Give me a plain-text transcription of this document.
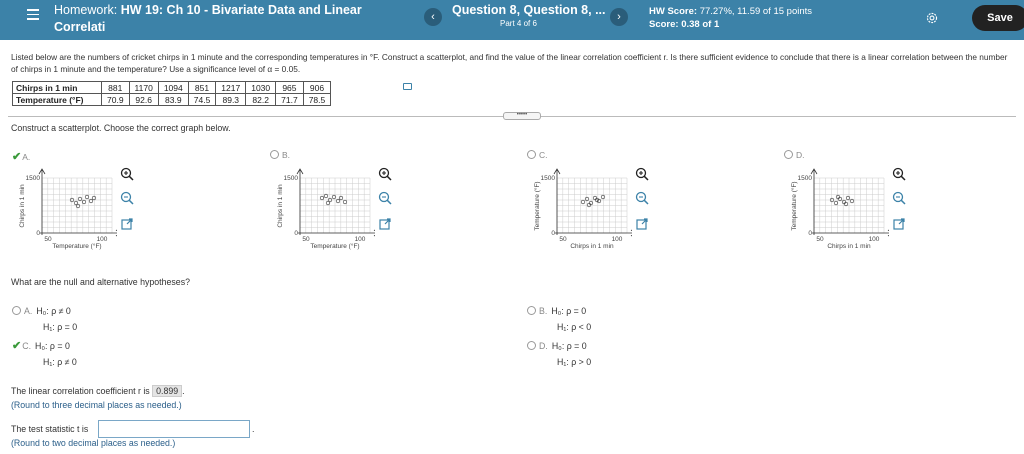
Homework: HW 19: Ch 10 - Bivariate Data and Linear Correlati
‹	Question 8, Question 8, ...
Part 4 of 6
›	HW Score: 77.27%, 11.59 of 15 points
Score: 0.38 of 1
Save
Listed below are the numbers of cricket chirps in 1 minute and the corresponding temperatures in °F. Construct a scatterplot, and find the value of the linear correlation coefficient r. Is there sufficient evidence to conclude that there is a linear correlation between the number of chirps in 1 minute and the temperature? Use a significance level of α = 0.05.
Chirps in 1 min	881	1170	1094	851	1217	1030	965	906
Temperature (°F)	70.9	92.6	83.9	74.5	89.3	82.2	71.7	78.5
•••••
Construct a scatterplot. Choose the correct graph below.
✔A.
1500
0
50	100
Temperature (°F)
Chirps in 1 min
B.
1500
0
50	100
Temperature (°F)
Chirps in 1 min
C.
1500
0
50	100
Chirps in 1 min
Temperature (°F)
D.
1500
0
50	100
Chirps in 1 min
Temperature (°F)
What are the null and alternative hypotheses?
A. H₀: ρ ≠ 0
H₁: ρ = 0
B. H₀: ρ = 0
H₁: ρ < 0
✔C. H₀: ρ = 0
H₁: ρ ≠ 0
D. H₀: ρ = 0
H₁: ρ > 0
The linear correlation coefficient r is 0.899 .
(Round to three decimal places as needed.)
The test statistic t is	.
(Round to two decimal places as needed.)
